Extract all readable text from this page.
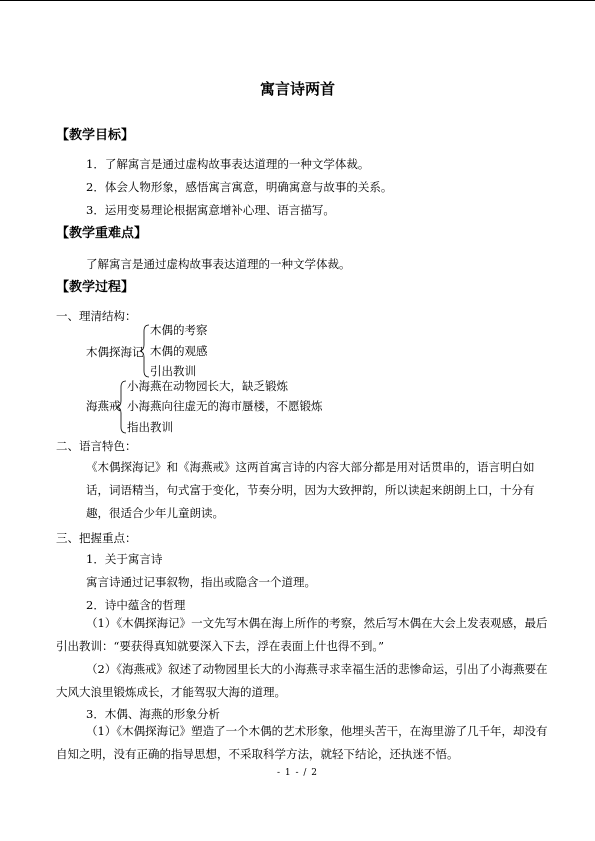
寓言诗两首
【教学目标】
1．了解寓言是通过虚构故事表达道理的一种文学体裁。
2．体会人物形象，感悟寓言寓意，明确寓意与故事的关系。
3．运用变易理论根据寓意增补心理、语言描写。
【教学重难点】
了解寓言是通过虚构故事表达道理的一种文学体裁。
【教学过程】
一、理清结构：
木偶探海记
木偶的考察
木偶的观感
引出教训
海燕戒
小海燕在动物园长大，缺乏锻炼
小海燕向往虚无的海市蜃楼，不愿锻炼
指出教训
二、语言特色：
《木偶探海记》和《海燕戒》这两首寓言诗的内容大部分都是用对话贯串的，语言明白如话，词语精当，句式富于变化，节奏分明，因为大致押韵，所以读起来朗朗上口，十分有趣，很适合少年儿童朗读。
三、把握重点：
1．关于寓言诗
寓言诗通过记事叙物，指出或隐含一个道理。
2．诗中蕴含的哲理
（1）《木偶探海记》一文先写木偶在海上所作的考察，然后写木偶在大会上发表观感，最后引出教训：“要获得真知就要深入下去，浮在表面上什也得不到。”
（2）《海燕戒》叙述了动物园里长大的小海燕寻求幸福生活的悲惨命运，引出了小海燕要在大风大浪里锻炼成长，才能驾驭大海的道理。
3．木偶、海燕的形象分析
（1）《木偶探海记》塑造了一个木偶的艺术形象，他埋头苦干，在海里游了几千年，却没有自知之明，没有正确的指导思想，不采取科学方法，就轻下结论，还执迷不悟。
- 1 - / 2
